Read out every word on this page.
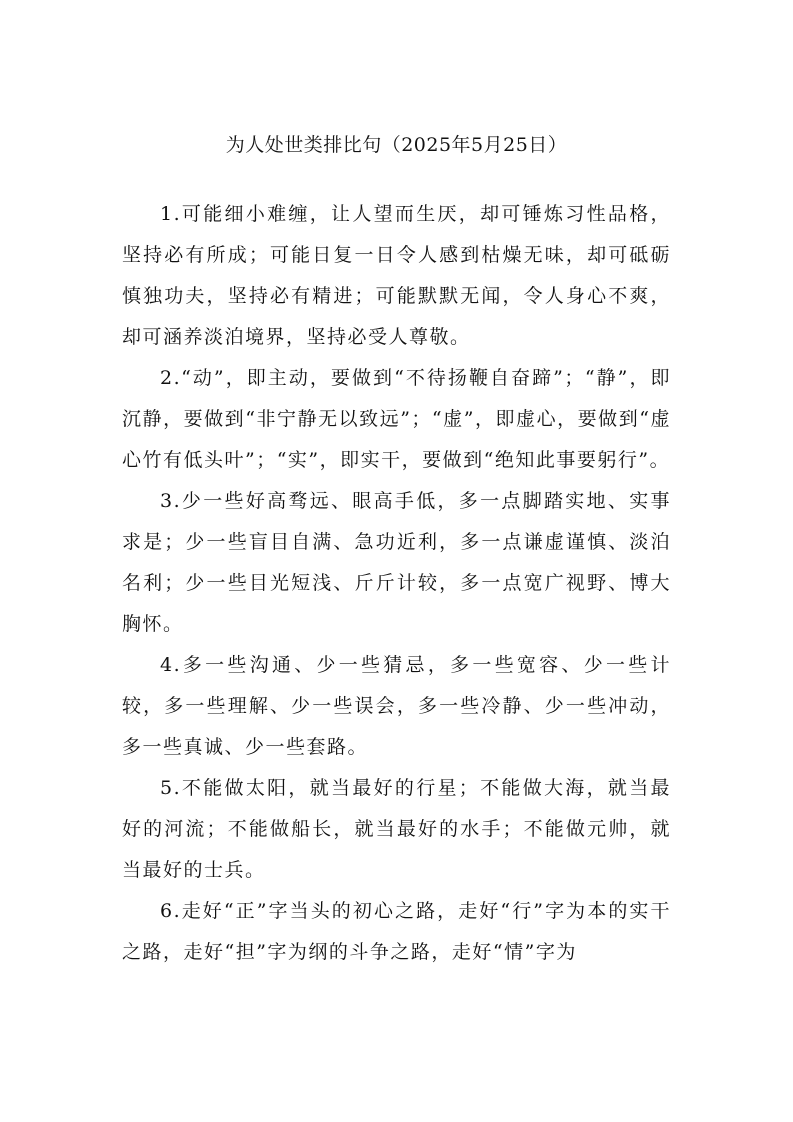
为人处世类排比句（2025年5月25日）

1.可能细小难缠，让人望而生厌，却可锤炼习性品格，坚持必有所成；可能日复一日令人感到枯燥无味，却可砥砺慎独功夫，坚持必有精进；可能默默无闻，令人身心不爽，却可涵养淡泊境界，坚持必受人尊敬。

2.“动”，即主动，要做到“不待扬鞭自奋蹄”；“静”，即沉静，要做到“非宁静无以致远”；“虚”，即虚心，要做到“虚心竹有低头叶”；“实”，即实干，要做到“绝知此事要躬行”。

3.少一些好高骛远、眼高手低，多一点脚踏实地、实事求是；少一些盲目自满、急功近利，多一点谦虚谨慎、淡泊名利；少一些目光短浅、斤斤计较，多一点宽广视野、博大胸怀。

4.多一些沟通、少一些猜忌，多一些宽容、少一些计较，多一些理解、少一些误会，多一些冷静、少一些冲动，多一些真诚、少一些套路。

5.不能做太阳，就当最好的行星；不能做大海，就当最好的河流；不能做船长，就当最好的水手；不能做元帅，就当最好的士兵。

6.走好“正”字当头的初心之路，走好“行”字为本的实干之路，走好“担”字为纲的斗争之路，走好“情”字为
